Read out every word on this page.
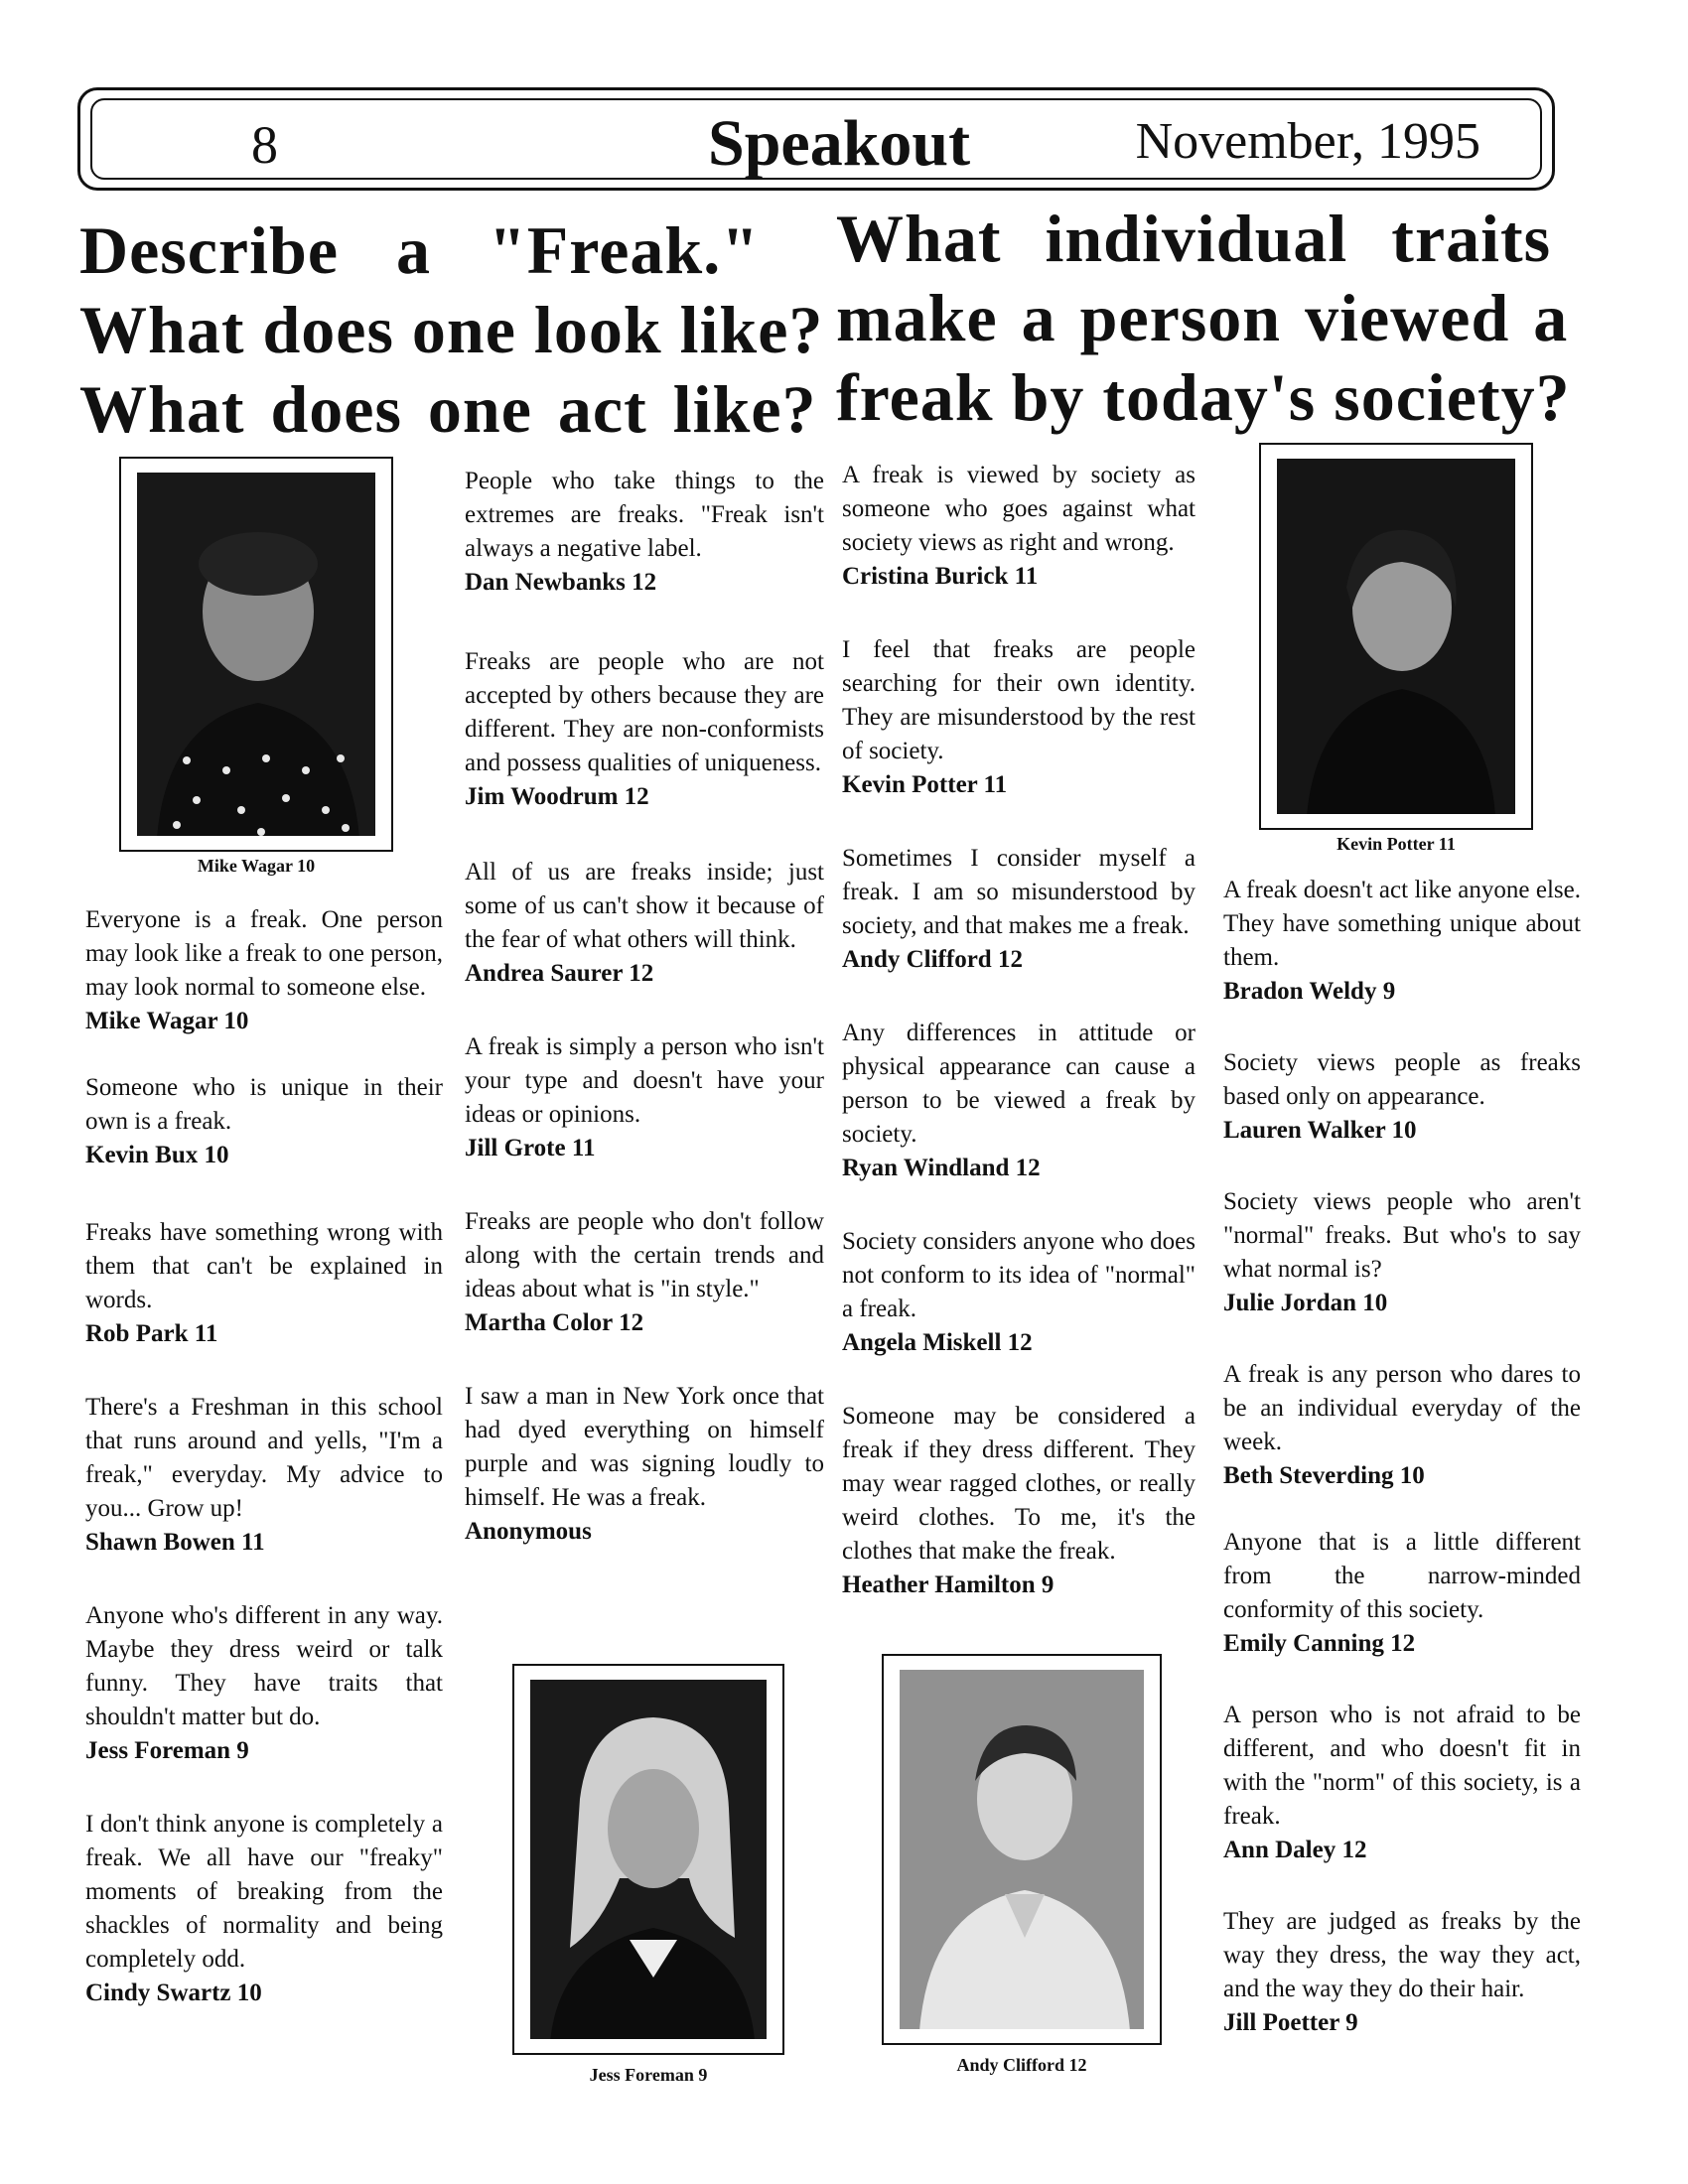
8	Speakout	November, 1995
Describe a "Freak."
What does one look like?
What does one act like?
What individual traits
make a person viewed a
freak by today's society?
Mike Wagar 10
Kevin Potter 11
Jess Foreman 9	Andy Clifford 12

Everyone is a freak. One person may look like a freak to one person, may look normal to someone else.

Mike Wagar 10

Someone who is unique in their own is a freak.

Kevin Bux 10

Freaks have something wrong with them that can't be explained in words.

Rob Park 11

There's a Freshman in this school that runs around and yells, "I'm a freak," everyday. My advice to you... Grow up!

Shawn Bowen 11

Anyone who's different in any way. Maybe they dress weird or talk funny. They have traits that shouldn't matter but do.

Jess Foreman 9

I don't think anyone is completely a freak. We all have our "freaky" moments of breaking from the shackles of normality and being completely odd.

Cindy Swartz 10

People who take things to the extremes are freaks. "Freak isn't always a negative label.

Dan Newbanks 12

Freaks are people who are not accepted by others because they are different. They are non-conformists and possess qualities of uniqueness.

Jim Woodrum 12

All of us are freaks inside; just some of us can't show it because of the fear of what others will think.

Andrea Saurer 12

A freak is simply a person who isn't your type and doesn't have your ideas or opinions.

Jill Grote 11

Freaks are people who don't follow along with the certain trends and ideas about what is "in style."

Martha Color 12

I saw a man in New York once that had dyed everything on himself purple and was signing loudly to himself. He was a freak.

Anonymous

A freak is viewed by society as someone who goes against what society views as right and wrong.

Cristina Burick 11

I feel that freaks are people searching for their own identity. They are misunderstood by the rest of society.

Kevin Potter 11

Sometimes I consider myself a freak. I am so misunderstood by society, and that makes me a freak.

Andy Clifford 12

Any differences in attitude or physical appearance can cause a person to be viewed a freak by society.

Ryan Windland 12

Society considers anyone who does not conform to its idea of "normal" a freak.

Angela Miskell 12

Someone may be considered a freak if they dress different. They may wear ragged clothes, or really weird clothes. To me, it's the clothes that make the freak.

Heather Hamilton 9

A freak doesn't act like anyone else. They have something unique about them.

Bradon Weldy 9

Society views people as freaks based only on appearance.

Lauren Walker 10

Society views people who aren't "normal" freaks. But who's to say what normal is?

Julie Jordan 10

A freak is any person who dares to be an individual everyday of the week.

Beth Steverding 10

Anyone that is a little different from the narrow-minded conformity of this society.

Emily Canning 12

A person who is not afraid to be different, and who doesn't fit in with the "norm" of this society, is a freak.

Ann Daley 12

They are judged as freaks by the way they dress, the way they act, and the way they do their hair.

Jill Poetter 9
